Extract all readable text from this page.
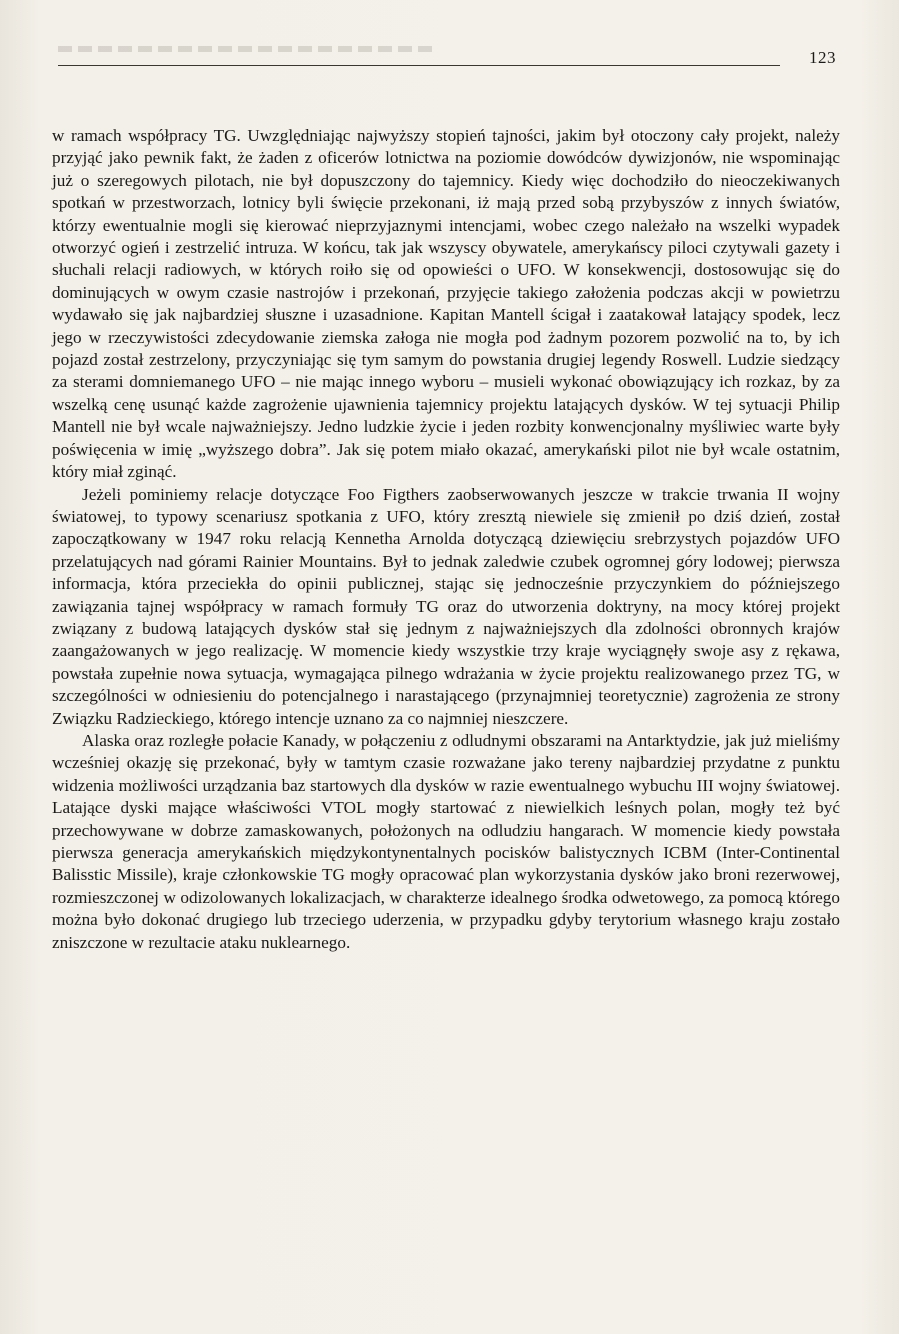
123

w ramach współpracy TG. Uwzględniając najwyższy stopień tajności, jakim był otoczony cały projekt, należy przyjąć jako pewnik fakt, że żaden z oficerów lotnictwa na poziomie dowódców dywizjonów, nie wspominając już o szeregowych pilotach, nie był dopuszczony do tajemnicy. Kiedy więc dochodziło do nieoczekiwanych spotkań w przestworzach, lotnicy byli święcie przekonani, iż mają przed sobą przybyszów z innych światów, którzy ewentualnie mogli się kierować nieprzyjaznymi intencjami, wobec czego należało na wszelki wypadek otworzyć ogień i zestrzelić intruza. W końcu, tak jak wszyscy obywatele, amerykańscy piloci czytywali gazety i słuchali relacji radiowych, w których roiło się od opowieści o UFO. W konsekwencji, dostosowując się do dominujących w owym czasie nastrojów i przekonań, przyjęcie takiego założenia podczas akcji w powietrzu wydawało się jak najbardziej słuszne i uzasadnione. Kapitan Mantell ścigał i zaatakował latający spodek, lecz jego w rzeczywistości zdecydowanie ziemska załoga nie mogła pod żadnym pozorem pozwolić na to, by ich pojazd został zestrzelony, przyczyniając się tym samym do powstania drugiej legendy Roswell. Ludzie siedzący za sterami domniemanego UFO – nie mając innego wyboru – musieli wykonać obowiązujący ich rozkaz, by za wszelką cenę usunąć każde zagrożenie ujawnienia tajemnicy projektu latających dysków. W tej sytuacji Philip Mantell nie był wcale najważniejszy. Jedno ludzkie życie i jeden rozbity konwencjonalny myśliwiec warte były poświęcenia w imię „wyższego dobra”. Jak się potem miało okazać, amerykański pilot nie był wcale ostatnim, który miał zginąć.

Jeżeli pominiemy relacje dotyczące Foo Figthers zaobserwowanych jeszcze w trakcie trwania II wojny światowej, to typowy scenariusz spotkania z UFO, który zresztą niewiele się zmienił po dziś dzień, został zapoczątkowany w 1947 roku relacją Kennetha Arnolda dotyczącą dziewięciu srebrzystych pojazdów UFO przelatujących nad górami Rainier Mountains. Był to jednak zaledwie czubek ogromnej góry lodowej; pierwsza informacja, która przeciekła do opinii publicznej, stając się jednocześnie przyczynkiem do późniejszego zawiązania tajnej współpracy w ramach formuły TG oraz do utworzenia doktryny, na mocy której projekt związany z budową latających dysków stał się jednym z najważniejszych dla zdolności obronnych krajów zaangażowanych w jego realizację. W momencie kiedy wszystkie trzy kraje wyciągnęły swoje asy z rękawa, powstała zupełnie nowa sytuacja, wymagająca pilnego wdrażania w życie projektu realizowanego przez TG, w szczególności w odniesieniu do potencjalnego i narastającego (przynajmniej teoretycznie) zagrożenia ze strony Związku Radzieckiego, którego intencje uznano za co najmniej nieszczere.

Alaska oraz rozległe połacie Kanady, w połączeniu z odludnymi obszarami na Antarktydzie, jak już mieliśmy wcześniej okazję się przekonać, były w tamtym czasie rozważane jako tereny najbardziej przydatne z punktu widzenia możliwości urządzania baz startowych dla dysków w razie ewentualnego wybuchu III wojny światowej. Latające dyski mające właściwości VTOL mogły startować z niewielkich leśnych polan, mogły też być przechowywane w dobrze zamaskowanych, położonych na odludziu hangarach. W momencie kiedy powstała pierwsza generacja amerykańskich międzykontynentalnych pocisków balistycznych ICBM (Inter-Continental Balisstic Missile), kraje członkowskie TG mogły opracować plan wykorzystania dysków jako broni rezerwowej, rozmieszczonej w odizolowanych lokalizacjach, w charakterze idealnego środka odwetowego, za pomocą którego można było dokonać drugiego lub trzeciego uderzenia, w przypadku gdyby terytorium własnego kraju zostało zniszczone w rezultacie ataku nuklearnego.
